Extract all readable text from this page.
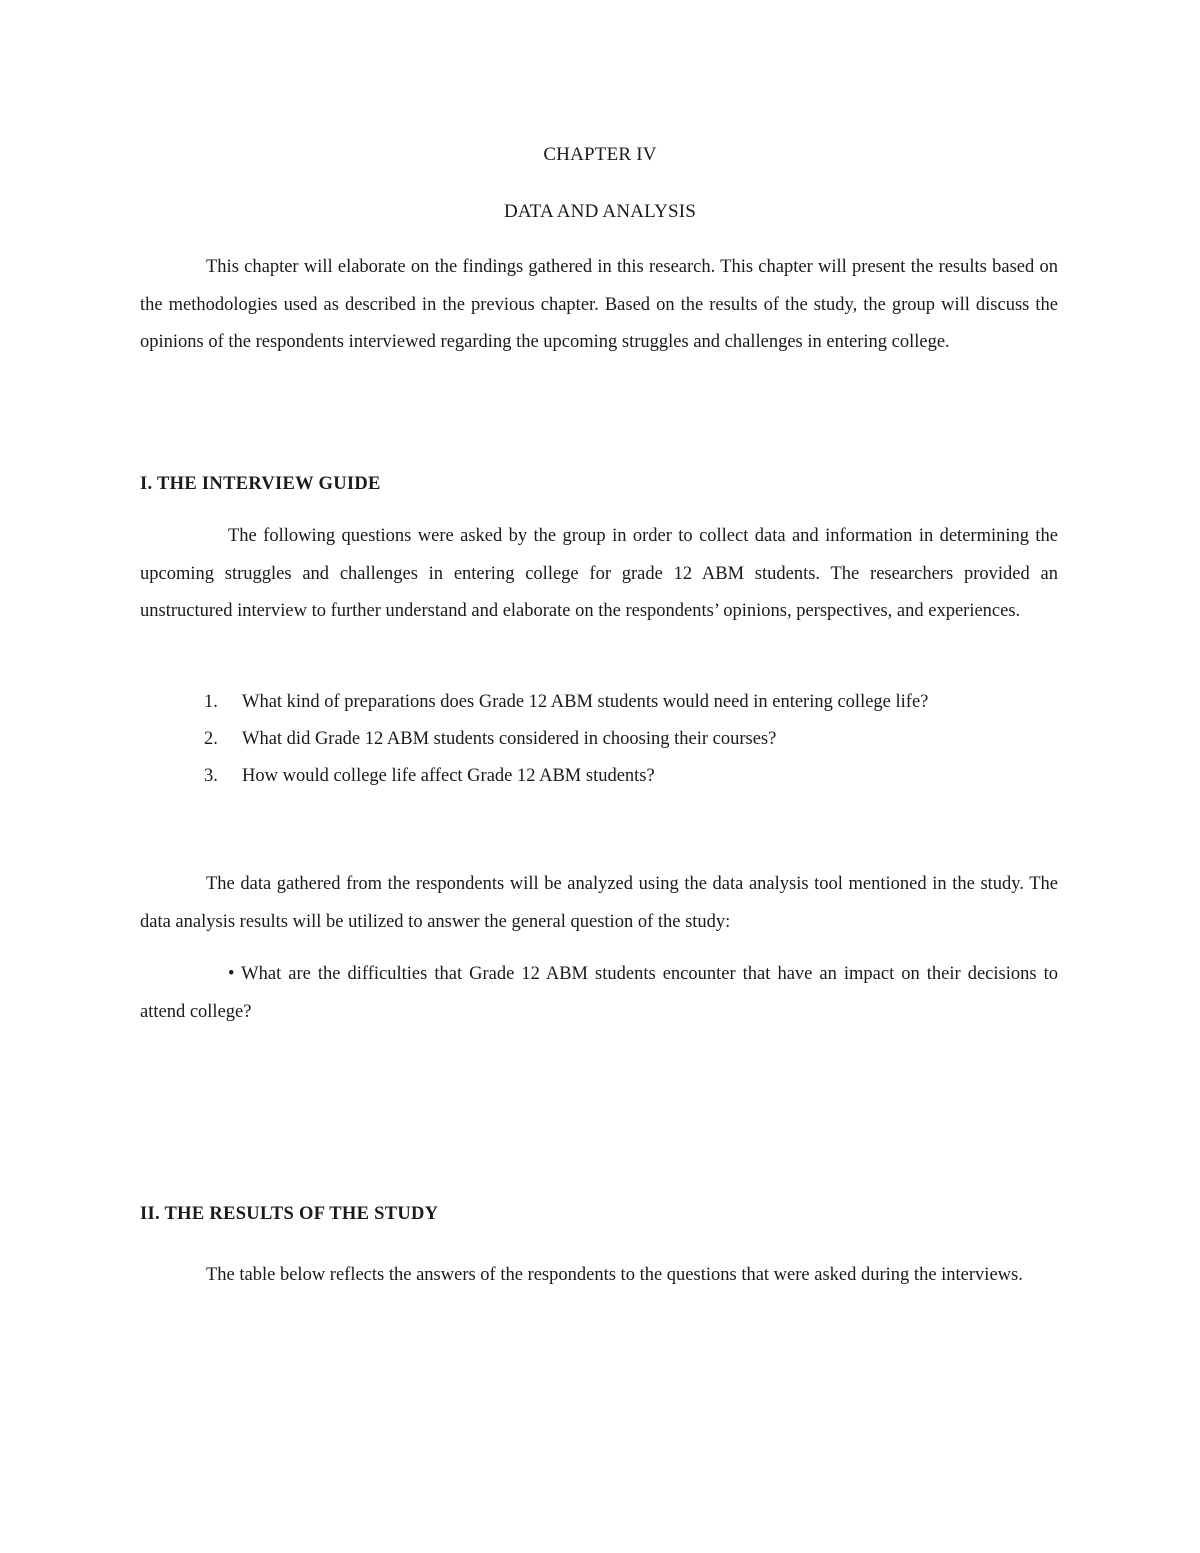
CHAPTER IV
DATA AND ANALYSIS

This chapter will elaborate on the findings gathered in this research. This chapter will present the results based on the methodologies used as described in the previous chapter. Based on the results of the study, the group will discuss the opinions of the respondents interviewed regarding the upcoming struggles and challenges in entering college.

I. THE INTERVIEW GUIDE

The following questions were asked by the group in order to collect data and information in determining the upcoming struggles and challenges in entering college for grade 12 ABM students. The researchers provided an unstructured interview to further understand and elaborate on the respondents’ opinions, perspectives, and experiences.

1.	What kind of preparations does Grade 12 ABM students would need in entering college life?
2.	What did Grade 12 ABM students considered in choosing their courses?
3.	How would college life affect Grade 12 ABM students?

The data gathered from the respondents will be analyzed using the data analysis tool mentioned in the study. The data analysis results will be utilized to answer the general question of the study:

• What are the difficulties that Grade 12 ABM students encounter that have an impact on their decisions to attend college?

II. THE RESULTS OF THE STUDY

The table below reflects the answers of the respondents to the questions that were asked during the interviews.
